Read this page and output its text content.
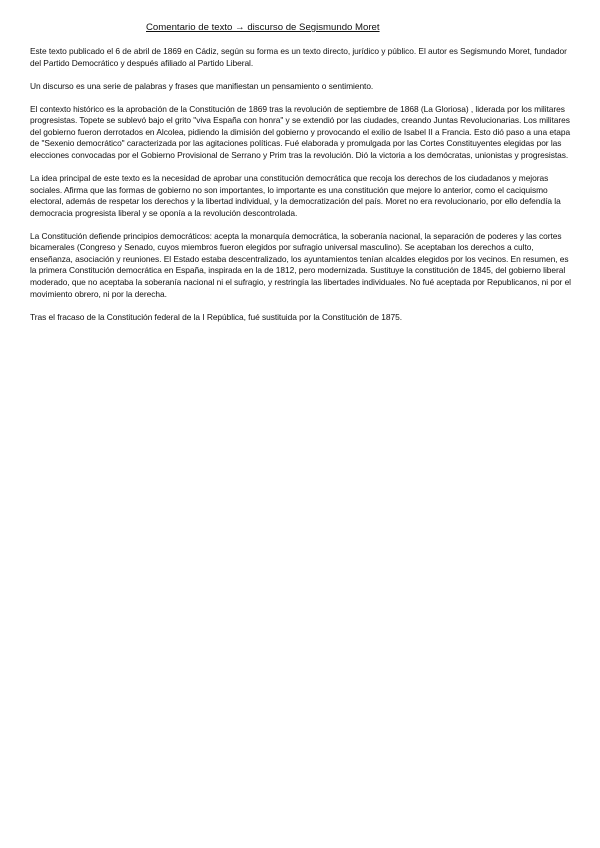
Comentario de texto → discurso de Segismundo Moret

Este texto publicado el 6 de abril de 1869 en Cádiz, según su forma es un texto directo, jurídico y público. El autor es Segismundo Moret, fundador del Partido Democrático y después afiliado al Partido Liberal.

Un discurso es una serie de palabras y frases que manifiestan un pensamiento o sentimiento.

El contexto histórico es la aprobación de la Constitución de 1869 tras la revolución de septiembre de 1868 (La Gloriosa) , liderada por los militares progresistas. Topete se sublevó bajo el grito "viva España con honra" y se extendió por las ciudades, creando Juntas Revolucionarias. Los militares del gobierno fueron derrotados en Alcolea, pidiendo la dimisión del gobierno y provocando el exilio de Isabel II a Francia. Esto dió paso a una etapa de "Sexenio democrático" caracterizada por las agitaciones políticas. Fué elaborada y promulgada por las Cortes Constituyentes elegidas por las elecciones convocadas por el Gobierno Provisional de Serrano y Prim tras la revolución. Dió la victoria a los demócratas, unionistas y progresistas.

La idea principal de este texto es la necesidad de aprobar una constitución democrática que recoja los derechos de los ciudadanos y mejoras sociales. Afirma que las formas de gobierno no son importantes, lo importante es una constitución que mejore lo anterior, como el caciquismo electoral, además de respetar los derechos y la libertad individual, y la democratización del país. Moret no era revolucionario, por ello defendía la democracia progresista liberal y se oponía a la revolución descontrolada.

La Constitución defiende principios democráticos: acepta la monarquía democrática, la soberanía nacional, la separación de poderes y las cortes bicamerales (Congreso y Senado, cuyos miembros fueron elegidos por sufragio universal masculino). Se aceptaban los derechos a culto, enseñanza, asociación y reuniones. El Estado estaba descentralizado, los ayuntamientos tenían alcaldes elegidos por los vecinos. En resumen, es la primera Constitución democrática en España, inspirada en la de 1812, pero modernizada. Sustituye la constitución de 1845, del gobierno liberal moderado, que no aceptaba la soberanía nacional ni el sufragio, y restringía las libertades individuales. No fué aceptada por Republicanos, ni por el movimiento obrero, ni por la derecha.

Tras el fracaso de la Constitución federal de la I República, fué sustituida por la Constitución de 1875.
